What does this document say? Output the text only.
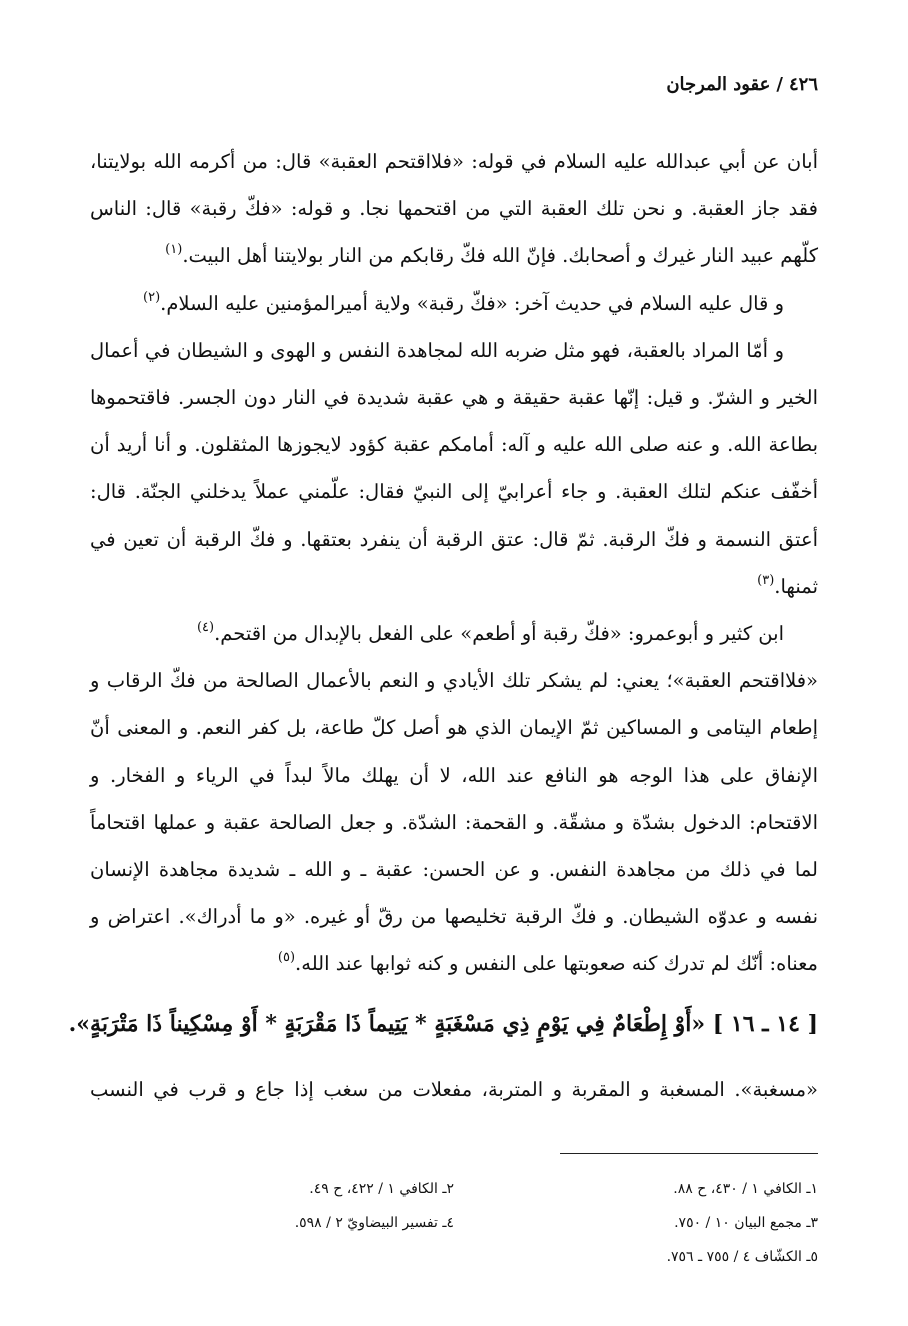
٤٢٦/عقود المرجان

أبان عن أبي عبدالله عليه السلام في قوله: «فلااقتحم العقبة» قال: من أكرمه الله بولايتنا، فقد جاز العقبة. و نحن تلك العقبة التي من اقتحمها نجا. و قوله: «فكّ رقبة» قال: الناس كلّهم عبيد النار غيرك و أصحابك. فإنّ الله فكّ رقابكم من النار بولايتنا أهل البيت.$^{(١)}$

و قال عليه السلام في حديث آخر: «فكّ رقبة» ولاية أميرالمؤمنين عليه السلام.$^{(٢)}$

و أمّا المراد بالعقبة، فهو مثل ضربه الله لمجاهدة النفس و الهوى و الشيطان في أعمال الخير و الشرّ. و قيل: إنّها عقبة حقيقة و هي عقبة شديدة في النار دون الجسر. فاقتحموها بطاعة الله. و عنه صلى الله عليه و آله: أمامكم عقبة كؤود لايجوزها المثقلون. و أنا أريد أن أخفّف عنكم لتلك العقبة. و جاء أعرابيّ إلى النبيّ فقال: علّمني عملاً يدخلني الجنّة. قال: أعتق النسمة و فكّ الرقبة. ثمّ قال: عتق الرقبة أن ينفرد بعتقها. و فكّ الرقبة أن تعين في ثمنها.$^{(٣)}$

ابن كثير و أبوعمرو: «فكّ رقبة أو أطعم» على الفعل بالإبدال من اقتحم.$^{(٤)}$

«فلااقتحم العقبة»؛ يعني: لم يشكر تلك الأيادي و النعم بالأعمال الصالحة من فكّ الرقاب و إطعام اليتامى و المساكين ثمّ الإيمان الذي هو أصل كلّ طاعة، بل كفر النعم. و المعنى أنّ الإنفاق على هذا الوجه هو النافع عند الله، لا أن يهلك مالاً لبداً في الرياء و الفخار. و الاقتحام: الدخول بشدّة و مشقّة. و القحمة: الشدّة. و جعل الصالحة عقبة و عملها اقتحاماً لما في ذلك من مجاهدة النفس. و عن الحسن: عقبة ـ و الله ـ شديدة مجاهدة الإنسان نفسه و عدوّه الشيطان. و فكّ الرقبة تخليصها من رقّ أو غيره. «و ما أدراك». اعتراض و معناه: أنّك لم تدرك كنه صعوبتها على النفس و كنه ثوابها عند الله.$^{(٥)}$

[ ١٤ ـ ١٦ ] «أَوْ إِطْعَامٌ فِي يَوْمٍ ذِي مَسْغَبَةٍ * يَتِيماً ذَا مَقْرَبَةٍ * أَوْ مِسْكِيناً ذَا مَتْرَبَةٍ».
«مسغبة». المسغبة و المقربة و المتربة، مفعلات من سغب إذا جاع و قرب في النسب
١ـ الكافي ١ / ٤٣٠، ح ٨٨.
٢ـ الكافي ١ / ٤٢٢، ح ٤٩.
٣ـ مجمع البيان ١٠ / ٧٥٠.
٤ـ تفسير البيضاويّ ٢ / ٥٩٨.
٥ـ الكشّاف ٤ / ٧٥٥ ـ ٧٥٦.
